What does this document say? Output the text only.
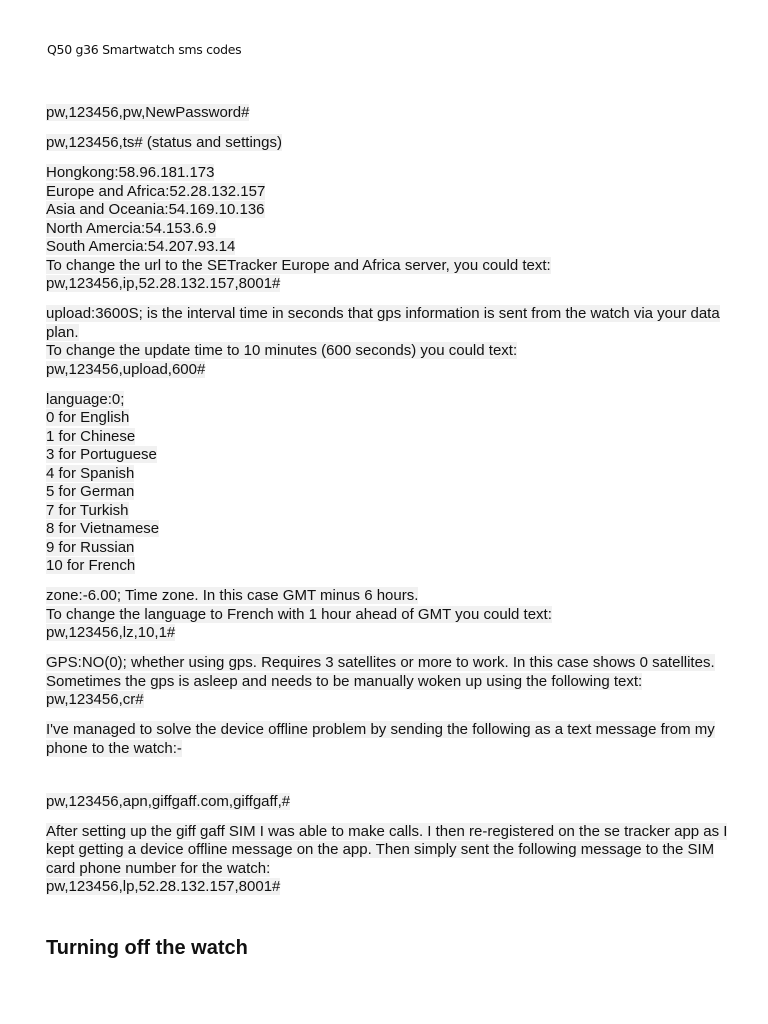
Q50 g36 Smartwatch sms codes
pw,123456,pw,NewPassword#
pw,123456,ts# (status and settings)
Hongkong:58.96.181.173
Europe and Africa:52.28.132.157
Asia and Oceania:54.169.10.136
North Amercia:54.153.6.9
South Amercia:54.207.93.14
To change the url to the SETracker Europe and Africa server, you could text:
pw,123456,ip,52.28.132.157,8001#
upload:3600S; is the interval time in seconds that gps information is sent from the watch via your data
plan.
To change the update time to 10 minutes (600 seconds) you could text:
pw,123456,upload,600#
language:0;
0 for English
1 for Chinese
3 for Portuguese
4 for Spanish
5 for German
7 for Turkish
8 for Vietnamese
9 for Russian
10 for French
zone:-6.00; Time zone. In this case GMT minus 6 hours.
To change the language to French with 1 hour ahead of GMT you could text:
pw,123456,lz,10,1#
GPS:NO(0); whether using gps. Requires 3 satellites or more to work. In this case shows 0 satellites.
Sometimes the gps is asleep and needs to be manually woken up using the following text:
pw,123456,cr#
I've managed to solve the device offline problem by sending the following as a text message from my
phone to the watch:-
pw,123456,apn,giffgaff.com,giffgaff,#
After setting up the giff gaff SIM I was able to make calls. I then re-registered on the se tracker app as I
kept getting a device offline message on the app. Then simply sent the following message to the SIM
card phone number for the watch:
pw,123456,lp,52.28.132.157,8001#
Turning off the watch
